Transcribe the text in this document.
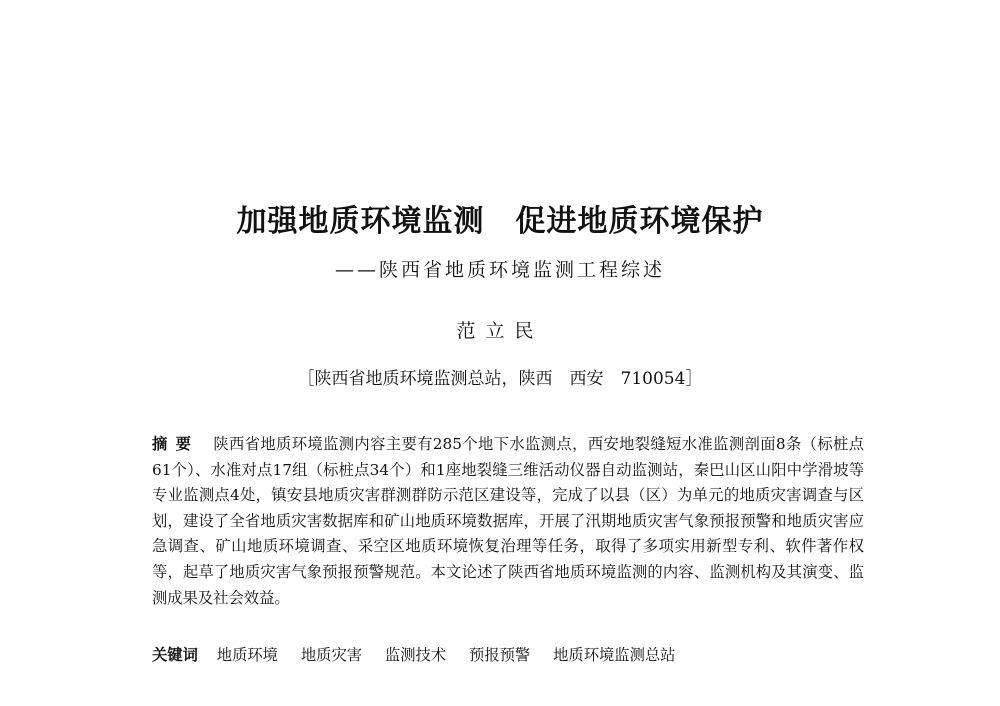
加强地质环境监测　促进地质环境保护
——陕西省地质环境监测工程综述
范立民
［陕西省地质环境监测总站，陕西　西安　710054］

摘要 陕西省地质环境监测内容主要有285个地下水监测点，西安地裂缝短水准监测剖面8条（标桩点61个）、水准对点17组（标桩点34个）和1座地裂缝三维活动仪器自动监测站，秦巴山区山阳中学滑坡等专业监测点4处，镇安县地质灾害群测群防示范区建设等，完成了以县（区）为单元的地质灾害调查与区划，建设了全省地质灾害数据库和矿山地质环境数据库，开展了汛期地质灾害气象预报预警和地质灾害应急调查、矿山地质环境调查、采空区地质环境恢复治理等任务，取得了多项实用新型专利、软件著作权等，起草了地质灾害气象预报预警规范。本文论述了陕西省地质环境监测的内容、监测机构及其演变、监测成果及社会效益。

关键词 地质环境 地质灾害 监测技术 预报预警 地质环境监测总站
